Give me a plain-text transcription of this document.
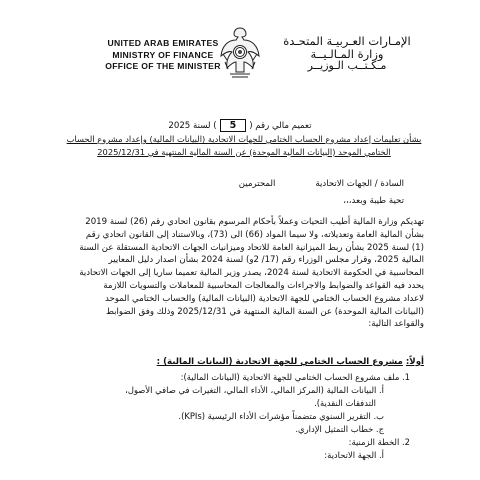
UNITED ARAB EMIRATES
MINISTRY OF FINANCE
OFFICE OF THE MINISTER
الإمـارات العـربيـة المتحـدة
وزارة المـالـيــة
مـكـتــب الـوزيــر
تعميم مالي رقم (5) لسنة 2025
بشأن تعليمات إعداد مشروع الحساب الختامي للجهات الاتحادية (البيانات المالية) وإعداد مشروع الحساب
الختامي الموحد (البيانات المالية الموحدة) عن السنة المالية المنتهية في 2025/12/31
السادة / الجهات الاتحاديةالمحترمين
تحية طيبة وبعد،،،

تهديكم وزارة المالية أطيب التحيات وعملاً بأحكام المرسوم بقانون اتحادي رقم (26) لسنة 2019

بشأن المالية العامة وتعديلاته، ولا سيما المواد (66) الى (73)، وبالاستناد إلى القانون اتحادي رقم

(1) لسنة 2025 بشأن ربط الميزانية العامة للاتحاد وميزانيات الجهات الاتحادية المستقلة عن السنة

المالية 2025، وقرار مجلس الوزراء رقم (17/ 2و) لسنة 2024 بشأن اصدار دليل المعايير

المحاسبية في الحكومة الاتحادية لسنة 2024، يصدر وزير المالية تعميما ساريا إلى الجهات الاتحادية

يحدد فيه القواعد والضوابط والاجراءات والمعالجات المحاسبية للمعاملات والتسويات اللازمة

لاعداد مشروع الحساب الختامي للجهة الاتحادية (البيانات المالية) والحساب الختامي الموحد

(البيانات المالية الموحدة) عن السنة المالية المنتهية في 2025/12/31 وذلك وفق الضوابط

والقواعد التالية:

أولاً: مشروع الحساب الختامي للجهة الاتحادية (البيانات المالية) :
1. ملف مشروع الحساب الختامي للجهة الاتحادية (البيانات المالية):
أ. البيانات المالية (المركز المالي، الأداء المالي، التغيرات في صافي الأصول،
التدفقات النقدية).
ب. التقرير السنوي متضمناً مؤشرات الأداء الرئيسية (KPIs).
ج. خطاب التمثيل الإداري.
2. الخطة الزمنية:
أ. الجهة الاتحادية:
